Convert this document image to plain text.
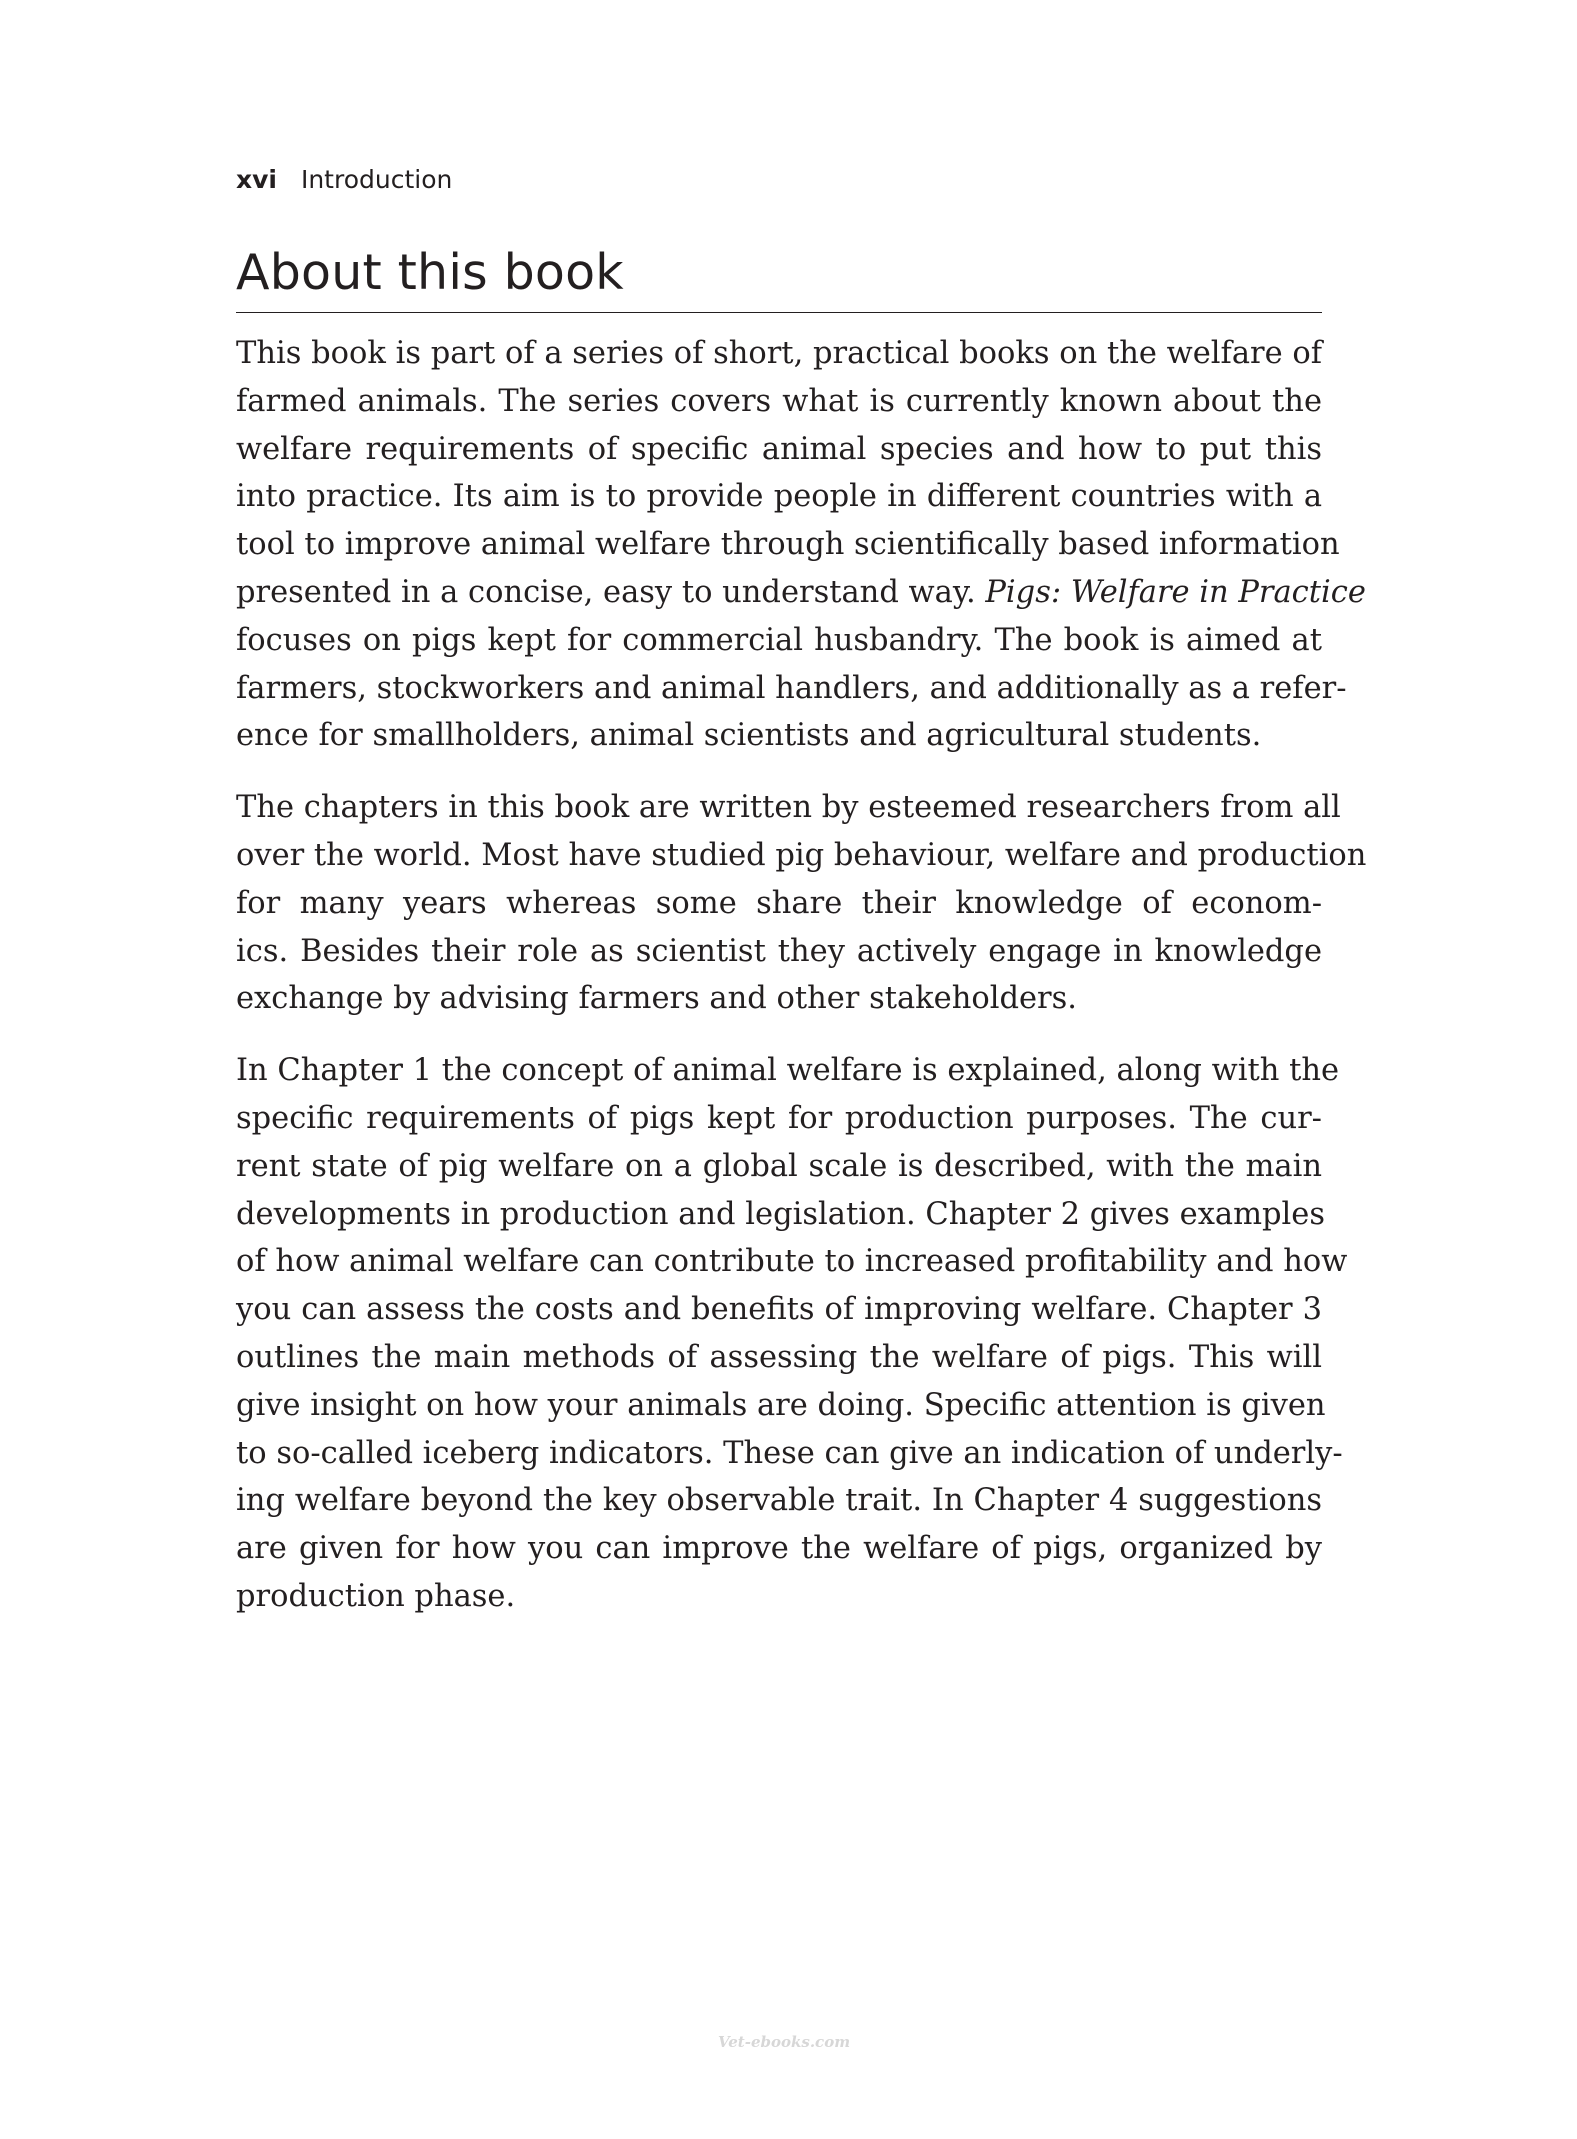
xvi Introduction
About this book

This book is part of a series of short, practical books on the welfare of
farmed animals. The series covers what is currently known about the
welfare requirements of specific animal species and how to put this
into practice. Its aim is to provide people in different countries with a
tool to improve animal welfare through scientifically based information
presented in a concise, easy to understand way. Pigs: Welfare in Practice
focuses on pigs kept for commercial husbandry. The book is aimed at
farmers, stockworkers and animal handlers, and additionally as a refer-
ence for smallholders, animal scientists and agricultural students.

The chapters in this book are written by esteemed researchers from all
over the world. Most have studied pig behaviour, welfare and production
for many years whereas some share their knowledge of econom-
ics. Besides their role as scientist they actively engage in knowledge
exchange by advising farmers and other stakeholders.

In Chapter 1 the concept of animal welfare is explained, along with the
specific requirements of pigs kept for production purposes. The cur-
rent state of pig welfare on a global scale is described, with the main
developments in production and legislation. Chapter 2 gives examples
of how animal welfare can contribute to increased profitability and how
you can assess the costs and benefits of improving welfare. Chapter 3
outlines the main methods of assessing the welfare of pigs. This will
give insight on how your animals are doing. Specific attention is given
to so-called iceberg indicators. These can give an indication of underly-
ing welfare beyond the key observable trait. In Chapter 4 suggestions
are given for how you can improve the welfare of pigs, organized by
production phase.

Vet-ebooks.com
